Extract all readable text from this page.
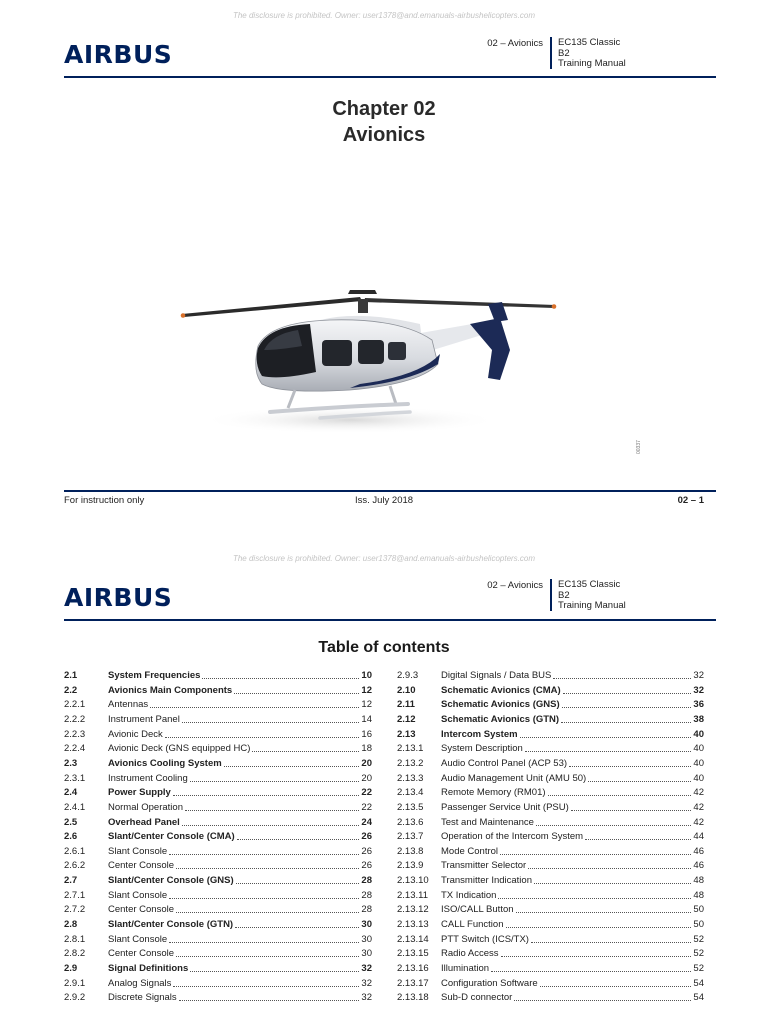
The disclosure is prohibited. Owner: user1378@and.emanuals-airbushelicopters.com
AIRBUS	02 – Avionics EC135 Classic
B2
Training Manual
Chapter 02
Avionics
00337
For instruction only	Iss. July 2018	02 – 1
The disclosure is prohibited. Owner: user1378@and.emanuals-airbushelicopters.com
AIRBUS	02 – Avionics EC135 Classic
B2
Training Manual
Table of contents
2.1	System Frequencies	10
2.2	Avionics Main Components	12
2.2.1	Antennas	12
2.2.2	Instrument Panel	14
2.2.3	Avionic Deck	16
2.2.4	Avionic Deck (GNS equipped HC)	18
2.3	Avionics Cooling System	20
2.3.1	Instrument Cooling	20
2.4	Power Supply	22
2.4.1	Normal Operation	22
2.5	Overhead Panel	24
2.6	Slant/Center Console (CMA)	26
2.6.1	Slant Console	26
2.6.2	Center Console	26
2.7	Slant/Center Console (GNS)	28
2.7.1	Slant Console	28
2.7.2	Center Console	28
2.8	Slant/Center Console (GTN)	30
2.8.1	Slant Console	30
2.8.2	Center Console	30
2.9	Signal Definitions	32
2.9.1	Analog Signals	32
2.9.2	Discrete Signals	32
2.9.3	Digital Signals / Data BUS	32
2.10	Schematic Avionics (CMA)	32
2.11	Schematic Avionics (GNS)	36
2.12	Schematic Avionics (GTN)	38
2.13	Intercom System	40
2.13.1	System Description	40
2.13.2	Audio Control Panel (ACP 53)	40
2.13.3	Audio Management Unit (AMU 50)	40
2.13.4	Remote Memory (RM01)	42
2.13.5	Passenger Service Unit (PSU)	42
2.13.6	Test and Maintenance	42
2.13.7	Operation of the Intercom System	44
2.13.8	Mode Control	46
2.13.9	Transmitter Selector	46
2.13.10	Transmitter Indication	48
2.13.11	TX Indication	48
2.13.12	ISO/CALL Button	50
2.13.13	CALL Function	50
2.13.14	PTT Switch (ICS/TX)	52
2.13.15	Radio Access	52
2.13.16	Illumination	52
2.13.17	Configuration Software	54
2.13.18	Sub-D connector	54
